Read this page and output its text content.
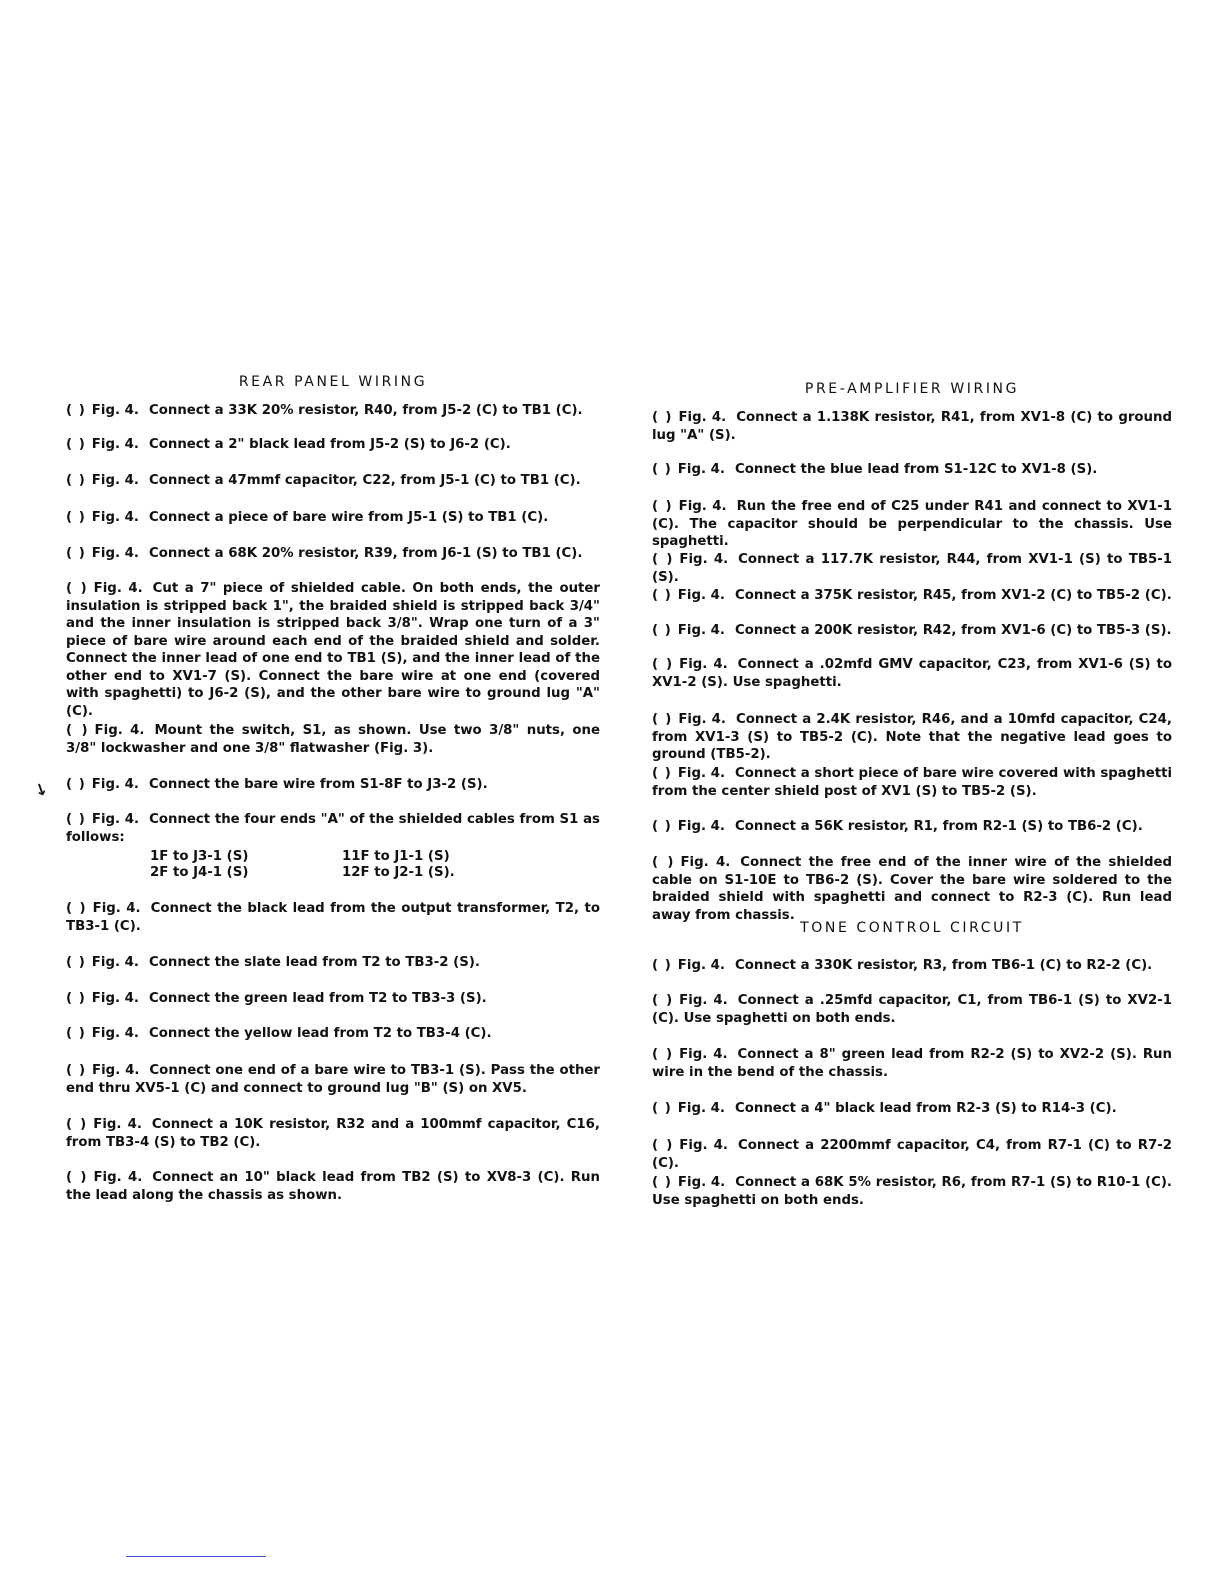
REAR PANEL WIRING

( ) Fig. 4. Connect a 33K 20% resistor, R40, from J5-2 (C) to TB1 (C).

( ) Fig. 4. Connect a 2" black lead from J5-2 (S) to J6-2 (C).

( ) Fig. 4. Connect a 47mmf capacitor, C22, from J5-1 (C) to TB1 (C).

( ) Fig. 4. Connect a piece of bare wire from J5-1 (S) to TB1 (C).

( ) Fig. 4. Connect a 68K 20% resistor, R39, from J6-1 (S) to TB1 (C).

( ) Fig. 4. Cut a 7" piece of shielded cable. On both ends, the outer insulation is stripped back 1", the braided shield is stripped back 3/4" and the inner insulation is stripped back 3/8". Wrap one turn of a 3" piece of bare wire around each end of the braided shield and solder. Connect the inner lead of one end to TB1 (S), and the inner lead of the other end to XV1-7 (S). Connect the bare wire at one end (covered with spaghetti) to J6-2 (S), and the other bare wire to ground lug "A" (C).

( ) Fig. 4. Mount the switch, S1, as shown. Use two 3/8" nuts, one 3/8" lockwasher and one 3/8" flatwasher (Fig. 3).

( ) Fig. 4. Connect the bare wire from S1-8F to J3-2 (S).

( ) Fig. 4. Connect the four ends "A" of the shielded cables from S1 as follows:

1F to J3-1 (S)
2F to J4-1 (S)
11F to J1-1 (S)
12F to J2-1 (S).

( ) Fig. 4. Connect the black lead from the output transformer, T2, to TB3-1 (C).

( ) Fig. 4. Connect the slate lead from T2 to TB3-2 (S).

( ) Fig. 4. Connect the green lead from T2 to TB3-3 (S).

( ) Fig. 4. Connect the yellow lead from T2 to TB3-4 (C).

( ) Fig. 4. Connect one end of a bare wire to TB3-1 (S). Pass the other end thru XV5-1 (C) and connect to ground lug "B" (S) on XV5.

( ) Fig. 4. Connect a 10K resistor, R32 and a 100mmf capacitor, C16, from TB3-4 (S) to TB2 (C).

( ) Fig. 4. Connect an 10" black lead from TB2 (S) to XV8-3 (C). Run the lead along the chassis as shown.

↘
PRE-AMPLIFIER WIRING

( ) Fig. 4. Connect a 1.138K resistor, R41, from XV1-8 (C) to ground lug "A" (S).

( ) Fig. 4. Connect the blue lead from S1-12C to XV1-8 (S).

( ) Fig. 4. Run the free end of C25 under R41 and connect to XV1-1 (C). The capacitor should be perpendicular to the chassis. Use spaghetti.

( ) Fig. 4. Connect a 117.7K resistor, R44, from XV1-1 (S) to TB5-1 (S).

( ) Fig. 4. Connect a 375K resistor, R45, from XV1-2 (C) to TB5-2 (C).

( ) Fig. 4. Connect a 200K resistor, R42, from XV1-6 (C) to TB5-3 (S).

( ) Fig. 4. Connect a .02mfd GMV capacitor, C23, from XV1-6 (S) to XV1-2 (S). Use spaghetti.

( ) Fig. 4. Connect a 2.4K resistor, R46, and a 10mfd capacitor, C24, from XV1-3 (S) to TB5-2 (C). Note that the negative lead goes to ground (TB5-2).

( ) Fig. 4. Connect a short piece of bare wire covered with spaghetti from the center shield post of XV1 (S) to TB5-2 (S).

( ) Fig. 4. Connect a 56K resistor, R1, from R2-1 (S) to TB6-2 (C).

( ) Fig. 4. Connect the free end of the inner wire of the shielded cable on S1-10E to TB6-2 (S). Cover the bare wire soldered to the braided shield with spaghetti and connect to R2-3 (C). Run lead away from chassis.

TONE CONTROL CIRCUIT

( ) Fig. 4. Connect a 330K resistor, R3, from TB6-1 (C) to R2-2 (C).

( ) Fig. 4. Connect a .25mfd capacitor, C1, from TB6-1 (S) to XV2-1 (C). Use spaghetti on both ends.

( ) Fig. 4. Connect a 8" green lead from R2-2 (S) to XV2-2 (S). Run wire in the bend of the chassis.

( ) Fig. 4. Connect a 4" black lead from R2-3 (S) to R14-3 (C).

( ) Fig. 4. Connect a 2200mmf capacitor, C4, from R7-1 (C) to R7-2 (C).

( ) Fig. 4. Connect a 68K 5% resistor, R6, from R7-1 (S) to R10-1 (C). Use spaghetti on both ends.
